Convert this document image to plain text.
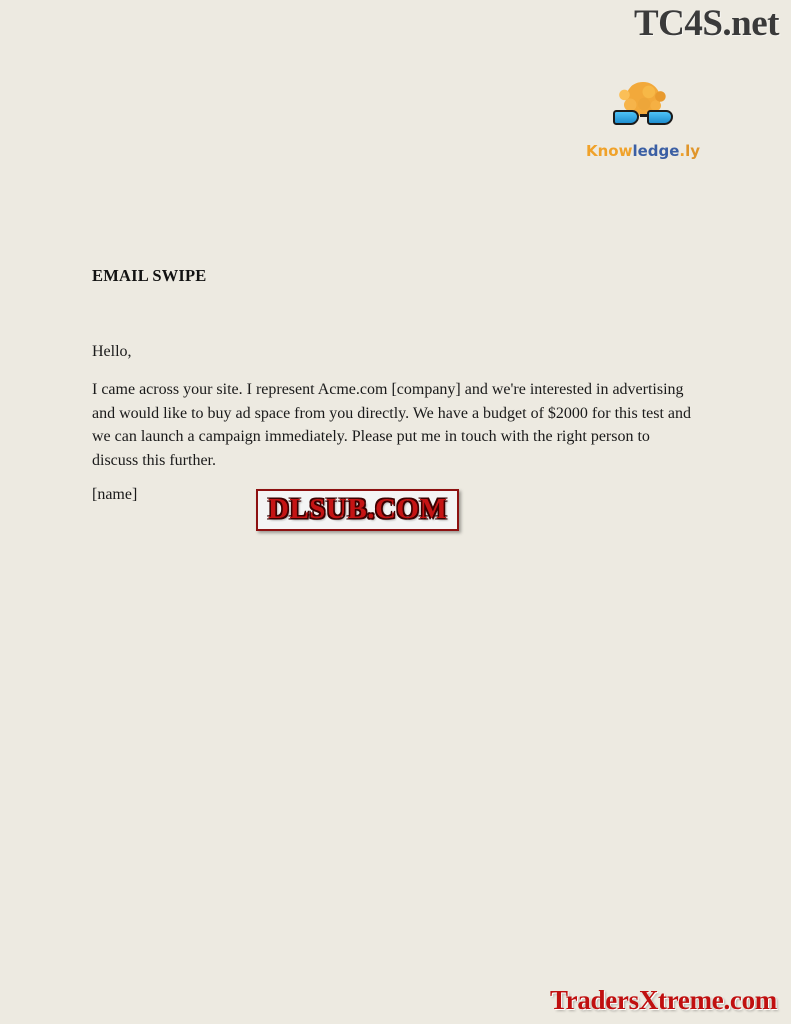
TC4S.net
Knowledge.ly
EMAIL SWIPE
Hello,
I came across your site. I represent Acme.com [company] and we're interested in advertising and would like to buy ad space from you directly. We have a budget of $2000 for this test and we can launch a campaign immediately. Please put me in touch with the right person to discuss this further.
[name]	DLSUB.COM
TradersXtreme.com
